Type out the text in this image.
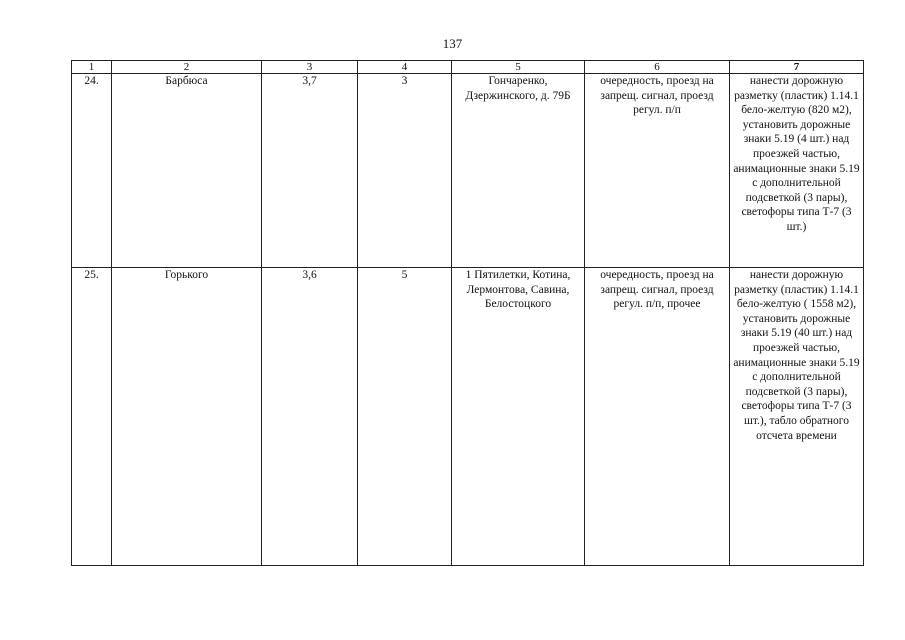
137
1	2	3	4	5	6	7
24.	Барбюса	3,7	3	Гончаренко, Дзержинского, д. 79Б	очередность, проезд на запрещ. сигнал, проезд регул. п/п	нанести дорожную разметку (пластик) 1.14.1 бело-желтую (820 м2), установить дорожные знаки 5.19 (4 шт.) над проезжей частью, анимационные знаки 5.19 с дополнительной подсветкой (3 пары), светофоры типа Т-7 (3 шт.)
25.	Горького	3,6	5	1 Пятилетки, Котина, Лермонтова, Савина, Белостоцкого	очередность, проезд на запрещ. сигнал, проезд регул. п/п, прочее	нанести дорожную разметку (пластик) 1.14.1 бело-желтую ( 1558 м2), установить дорожные знаки 5.19 (40 шт.) над проезжей частью, анимационные знаки 5.19 с дополнительной подсветкой (3 пары), светофоры типа Т-7 (3 шт.), табло обратного отсчета времени
